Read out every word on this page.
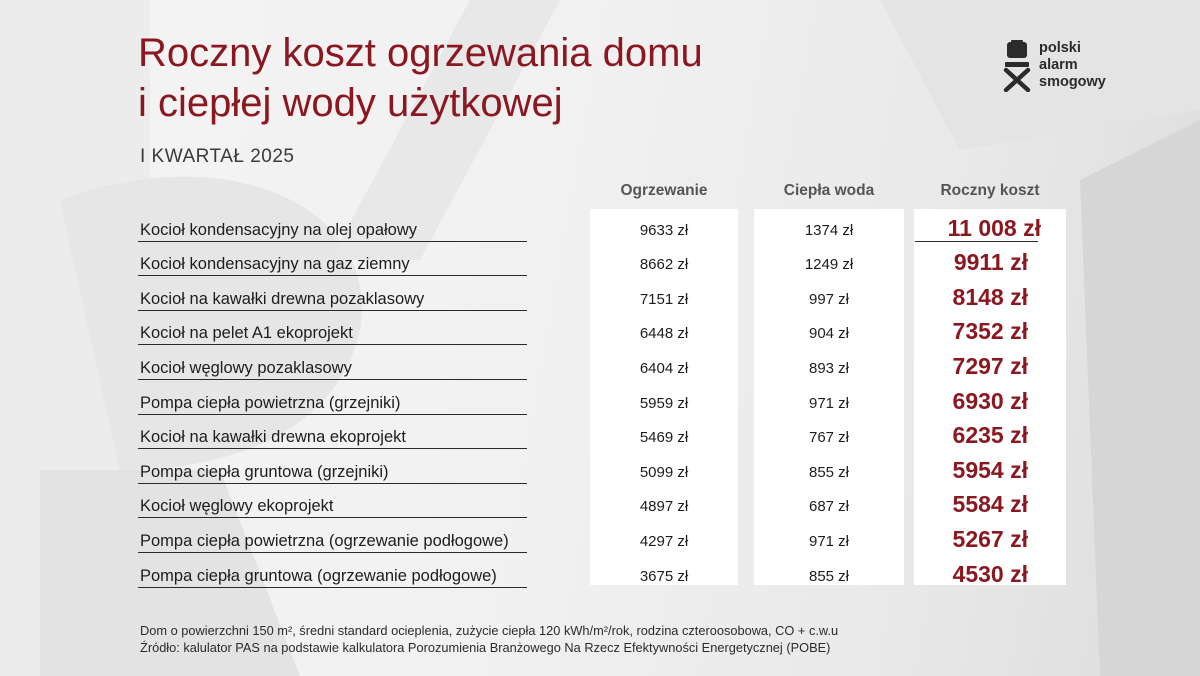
Roczny koszt ogrzewania domu
i ciepłej wody użytkowej
I KWARTAŁ 2025
polski
alarm
smogowy
Ogrzewanie	Ciepła woda	Roczny koszt
Kocioł kondensacyjny na olej opałowy	9633 zł	1374 zł	11 008 zł
Kocioł kondensacyjny na gaz ziemny	8662 zł	1249 zł	9911 zł
Kocioł na kawałki drewna pozaklasowy	7151 zł	997 zł	8148 zł
Kocioł na pelet A1 ekoprojekt	6448 zł	904 zł	7352 zł
Kocioł węglowy pozaklasowy	6404 zł	893 zł	7297 zł
Pompa ciepła powietrzna (grzejniki)	5959 zł	971 zł	6930 zł
Kocioł na kawałki drewna ekoprojekt	5469 zł	767 zł	6235 zł
Pompa ciepła gruntowa (grzejniki)	5099 zł	855 zł	5954 zł
Kocioł węglowy ekoprojekt	4897 zł	687 zł	5584 zł
Pompa ciepła powietrzna (ogrzewanie podłogowe)	4297 zł	971 zł	5267 zł
Pompa ciepła gruntowa (ogrzewanie podłogowe)	3675 zł	855 zł	4530 zł
Dom o powierzchni 150 m², średni standard ocieplenia, zużycie ciepła 120 kWh/m²/rok, rodzina czteroosobowa, CO + c.w.u
Źródło: kalulator PAS na podstawie kalkulatora Porozumienia Branżowego Na Rzecz Efektywności Energetycznej (POBE)
